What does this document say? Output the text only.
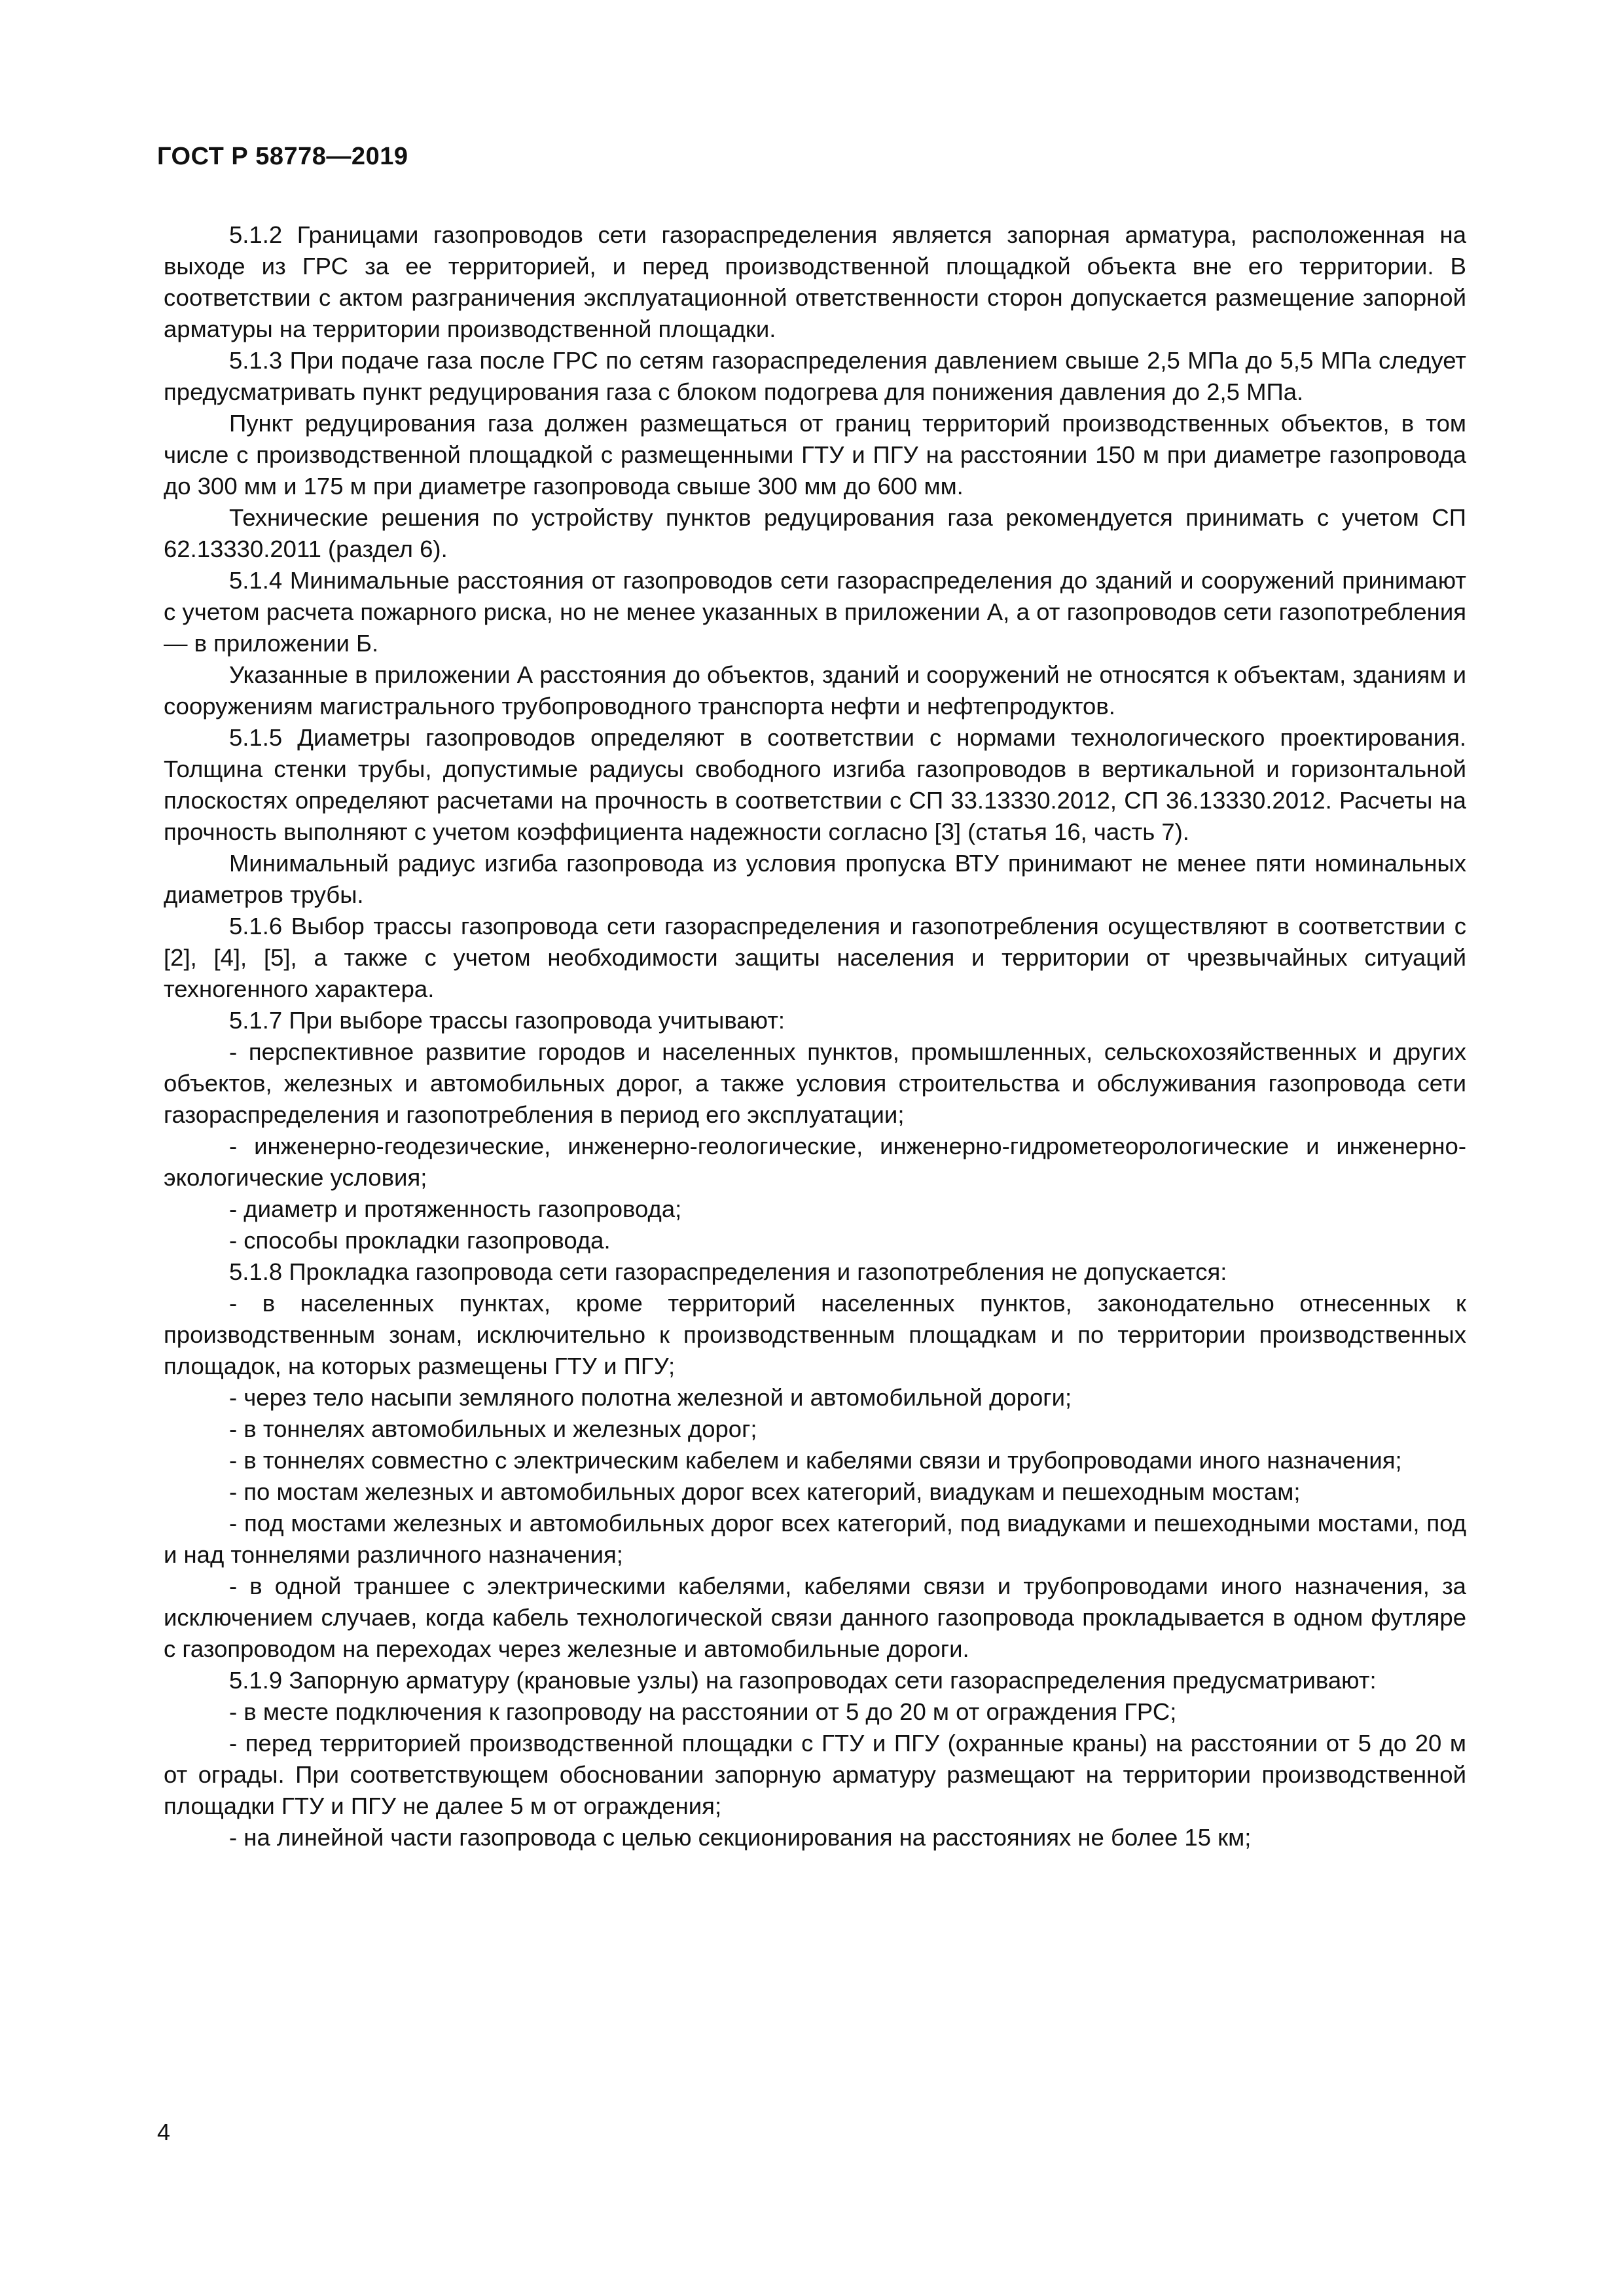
ГОСТ Р 58778—2019

5.1.2 Границами газопроводов сети газораспределения является запорная арматура, расположенная на выходе из ГРС за ее территорией, и перед производственной площадкой объекта вне его территории. В соответствии с актом разграничения эксплуатационной ответственности сторон допускается размещение запорной арматуры на территории производственной площадки.

5.1.3 При подаче газа после ГРС по сетям газораспределения давлением свыше 2,5 МПа до 5,5 МПа следует предусматривать пункт редуцирования газа с блоком подогрева для понижения давления до 2,5 МПа.

Пункт редуцирования газа должен размещаться от границ территорий производственных объектов, в том числе с производственной площадкой с размещенными ГТУ и ПГУ на расстоянии 150 м при диаметре газопровода до 300 мм и 175 м при диаметре газопровода свыше 300 мм до 600 мм.

Технические решения по устройству пунктов редуцирования газа рекомендуется принимать с учетом СП 62.13330.2011 (раздел 6).

5.1.4 Минимальные расстояния от газопроводов сети газораспределения до зданий и сооружений принимают с учетом расчета пожарного риска, но не менее указанных в приложении А, а от газопроводов сети газопотребления — в приложении Б.

Указанные в приложении А расстояния до объектов, зданий и сооружений не относятся к объектам, зданиям и сооружениям магистрального трубопроводного транспорта нефти и нефтепродуктов.

5.1.5 Диаметры газопроводов определяют в соответствии с нормами технологического проектирования. Толщина стенки трубы, допустимые радиусы свободного изгиба газопроводов в вертикальной и горизонтальной плоскостях определяют расчетами на прочность в соответствии с СП 33.13330.2012, СП 36.13330.2012. Расчеты на прочность выполняют с учетом коэффициента надежности согласно [3] (статья 16, часть 7).

Минимальный радиус изгиба газопровода из условия пропуска ВТУ принимают не менее пяти номинальных диаметров трубы.

5.1.6 Выбор трассы газопровода сети газораспределения и газопотребления осуществляют в соответствии с [2], [4], [5], а также с учетом необходимости защиты населения и территории от чрезвычайных ситуаций техногенного характера.

5.1.7 При выборе трассы газопровода учитывают:

- перспективное развитие городов и населенных пунктов, промышленных, сельскохозяйственных и других объектов, железных и автомобильных дорог, а также условия строительства и обслуживания газопровода сети газораспределения и газопотребления в период его эксплуатации;

- инженерно-геодезические, инженерно-геологические, инженерно-гидрометеорологические и инженерно-экологические условия;

- диаметр и протяженность газопровода;

- способы прокладки газопровода.

5.1.8 Прокладка газопровода сети газораспределения и газопотребления не допускается:

- в населенных пунктах, кроме территорий населенных пунктов, законодательно отнесенных к производственным зонам, исключительно к производственным площадкам и по территории производственных площадок, на которых размещены ГТУ и ПГУ;

- через тело насыпи земляного полотна железной и автомобильной дороги;

- в тоннелях автомобильных и железных дорог;

- в тоннелях совместно с электрическим кабелем и кабелями связи и трубопроводами иного назначения;

- по мостам железных и автомобильных дорог всех категорий, виадукам и пешеходным мостам;

- под мостами железных и автомобильных дорог всех категорий, под виадуками и пешеходными мостами, под и над тоннелями различного назначения;

- в одной траншее с электрическими кабелями, кабелями связи и трубопроводами иного назначения, за исключением случаев, когда кабель технологической связи данного газопровода прокладывается в одном футляре с газопроводом на переходах через железные и автомобильные дороги.

5.1.9 Запорную арматуру (крановые узлы) на газопроводах сети газораспределения предусматривают:

- в месте подключения к газопроводу на расстоянии от 5 до 20 м от ограждения ГРС;

- перед территорией производственной площадки с ГТУ и ПГУ (охранные краны) на расстоянии от 5 до 20 м от ограды. При соответствующем обосновании запорную арматуру размещают на территории производственной площадки ГТУ и ПГУ не далее 5 м от ограждения;

- на линейной части газопровода с целью секционирования на расстояниях не более 15 км;

4
